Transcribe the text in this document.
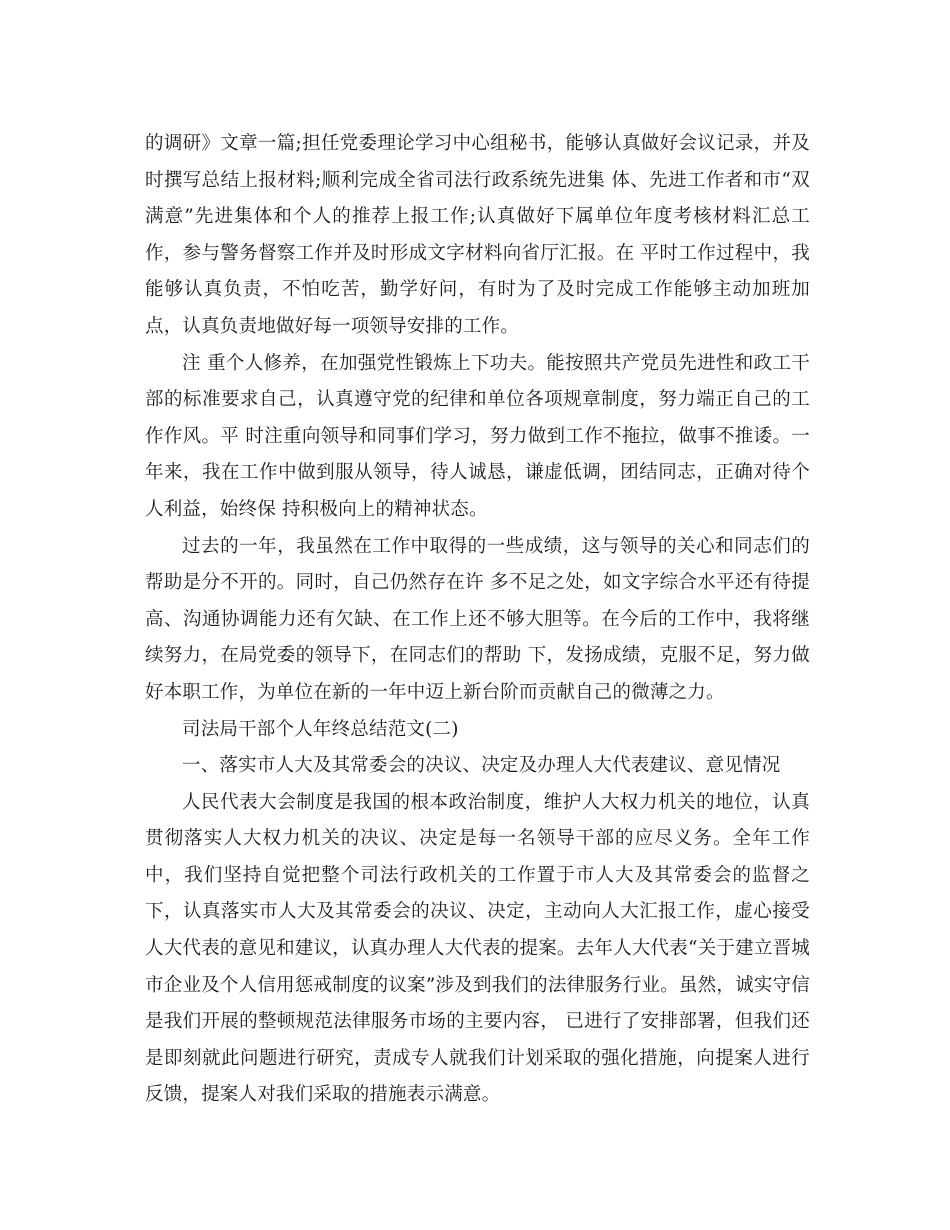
的调研》文章一篇;担任党委理论学习中心组秘书，能够认真做好会议记录，并及时撰写总结上报材料;顺利完成全省司法行政系统先进集 体、先进工作者和市“双满意”先进集体和个人的推荐上报工作;认真做好下属单位年度考核材料汇总工作，参与警务督察工作并及时形成文字材料向省厅汇报。在 平时工作过程中，我能够认真负责，不怕吃苦，勤学好问，有时为了及时完成工作能够主动加班加点，认真负责地做好每一项领导安排的工作。

注 重个人修养，在加强党性锻炼上下功夫。能按照共产党员先进性和政工干部的标准要求自己，认真遵守党的纪律和单位各项规章制度，努力端正自己的工作作风。平 时注重向领导和同事们学习，努力做到工作不拖拉，做事不推诿。一年来，我在工作中做到服从领导，待人诚恳，谦虚低调，团结同志，正确对待个人利益，始终保 持积极向上的精神状态。

过去的一年，我虽然在工作中取得的一些成绩，这与领导的关心和同志们的帮助是分不开的。同时，自己仍然存在许 多不足之处，如文字综合水平还有待提高、沟通协调能力还有欠缺、在工作上还不够大胆等。在今后的工作中，我将继续努力，在局党委的领导下，在同志们的帮助 下，发扬成绩，克服不足，努力做好本职工作，为单位在新的一年中迈上新台阶而贡献自己的微薄之力。

司法局干部个人年终总结范文(二)

一、落实市人大及其常委会的决议、决定及办理人大代表建议、意见情况

人民代表大会制度是我国的根本政治制度，维护人大权力机关的地位，认真贯彻落实人大权力机关的决议、决定是每一名领导干部的应尽义务。全年工作中，我们坚持自觉把整个司法行政机关的工作置于市人大及其常委会的监督之下，认真落实市人大及其常委会的决议、决定，主动向人大汇报工作，虚心接受人大代表的意见和建议，认真办理人大代表的提案。去年人大代表“关于建立晋城市企业及个人信用惩戒制度的议案”涉及到我们的法律服务行业。虽然，诚实守信是我们开展的整顿规范法律服务市场的主要内容， 已进行了安排部署，但我们还是即刻就此问题进行研究，责成专人就我们计划采取的强化措施，向提案人进行反馈，提案人对我们采取的措施表示满意。
